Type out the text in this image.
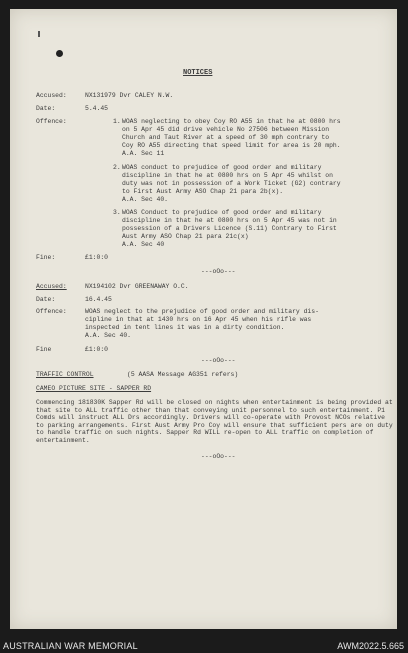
NOTICES
Accused:	NX131979 Dvr CALEY N.W.
Date:	5.4.45
Offence:	1. WOAS neglecting to obey Coy RO A55 in that he at 0800 hrs
on 5 Apr 45 did drive vehicle No 27506 between Mission
Church and Taut River at a speed of 30 mph contrary to
Coy RO A55 directing that speed limit for area is 20 mph.
A.A. Sec 11
2. WOAS conduct to prejudice of good order and military
discipline in that he at 0800 hrs on 5 Apr 45 whilst on
duty was not in possession of a Work Ticket (G2) contrary
to First Aust Army ASO Chap 21 para 2b(x).
A.A. Sec 40.
3. WOAS Conduct to prejudice of good order and military
discipline in that he at 0800 hrs on 5 Apr 45 was not in
possession of a Drivers Licence (S.11) Contrary to First
Aust Army ASO Chap 21 para 21c(x)
A.A. Sec 40
Fine:	£1:0:0
---oOo---
Accused:	NX194102 Dvr GREENAWAY O.C.
Date:	16.4.45
Offence:	WOAS neglect to the prejudice of good order and military dis-
cipline in that at 1430 hrs on 16 Apr 45 when his rifle was
inspected in tent lines it was in a dirty condition.
A.A. Sec 40.
Fine	£1:0:0
---oOo---
TRAFFIC CONTROL	(5 AASA Message AG351 refers)
CAMEO PICTURE SITE - SAPPER RD
Commencing 181830K Sapper Rd will be closed on nights when entertainment is being provided at that site to ALL traffic other than that conveying unit personnel to such entertainment. P1 Comds will instruct ALL Drs accordingly. Drivers will co-operate with Provost NCOs relative to parking arrangements. First Aust Army Pro Coy will ensure that sufficient pers are on duty to handle traffic on such nights. Sapper Rd WILL re-open to ALL traffic on completion of entertainment.
---oOo---
AUSTRALIAN WAR MEMORIAL	AWM2022.5.665
